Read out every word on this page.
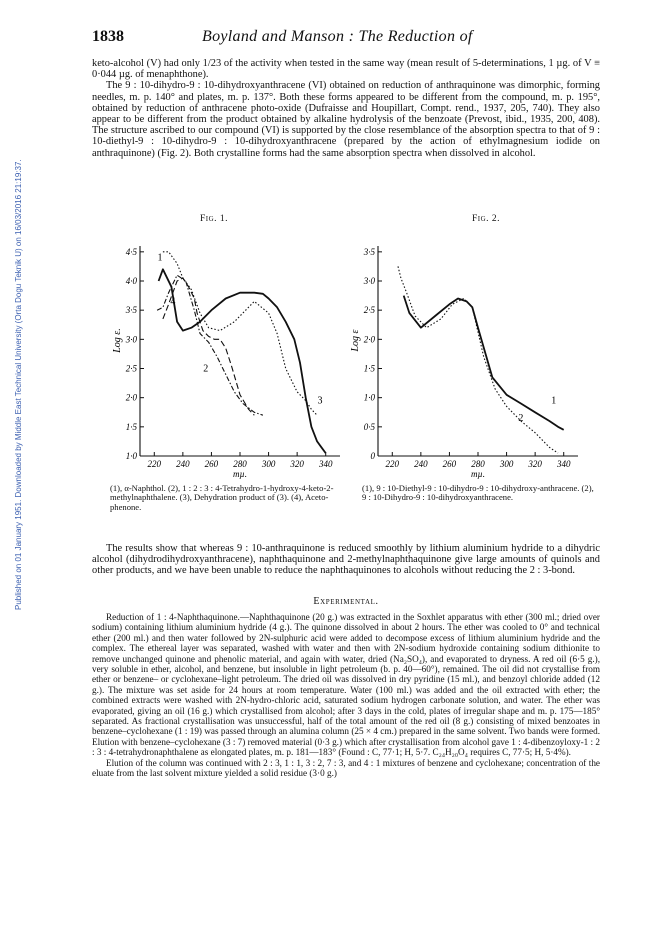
Published on 01 January 1951. Downloaded by Middle East Technical University (Orta Dogu Teknik U) on 16/03/2016 21:19:37.
1838	Boyland and Manson : The Reduction of

keto-alcohol (V) had only 1/23 of the activity when tested in the same way (mean result of 5-determinations, 1 µg. of V ≡ 0·044 µg. of menaphthone).

The 9 : 10-dihydro-9 : 10-dihydroxyanthracene (VI) obtained on reduction of anthraquinone was dimorphic, forming needles, m. p. 140° and plates, m. p. 137°. Both these forms appeared to be different from the compound, m. p. 195°, obtained by reduction of anthracene photo-oxide (Dufraisse and Houpillart, Compt. rend., 1937, 205, 740). They also appear to be different from the product obtained by alkaline hydrolysis of the benzoate (Prevost, ibid., 1935, 200, 408). The structure ascribed to our compound (VI) is supported by the close resemblance of the absorption spectra to that of 9 : 10-diethyl-9 : 10-dihydro-9 : 10-dihydroxyanthracene (prepared by the action of ethylmagnesium iodide on anthraquinone) (Fig. 2). Both crystalline forms had the same absorption spectra when dissolved in alcohol.

Fig. 1.	Fig. 2.
4·5
4·0
3·5
3·0
2·5
2·0
1·5
1·0
220 240 260 280 300 320 340
mµ.
Log ε.
1
2
3
4
3·5
3·0
2·5
2·0
1·5
1·0
0·5
0
220 240 260 280 300 320 340
mµ.
Log ε
1
2
(1), α-Naphthol. (2), 1 : 2 : 3 : 4-Tetrahydro-1-hydroxy-4-keto-2-methylnaphthalene. (3), Dehydration product of (3). (4), Aceto-phenone.
(1), 9 : 10-Diethyl-9 : 10-dihydro-9 : 10-dihydroxy-anthracene. (2), 9 : 10-Dihydro-9 : 10-dihydroxyanthracene.

The results show that whereas 9 : 10-anthraquinone is reduced smoothly by lithium aluminium hydride to a dihydric alcohol (dihydrodihydroxyanthracene), naphthaquinone and 2-methylnaphthaquinone give large amounts of quinols and other products, and we have been unable to reduce the naphthaquinones to alcohols without reducing the 2 : 3-bond.

Experimental.

Reduction of 1 : 4-Naphthaquinone.—Naphthaquinone (20 g.) was extracted in the Soxhlet apparatus with ether (300 ml.; dried over sodium) containing lithium aluminium hydride (4 g.). The quinone dissolved in about 2 hours. The ether was cooled to 0° and technical ether (200 ml.) and then water followed by 2N-sulphuric acid were added to decompose excess of lithium aluminium hydride and the complex. The ethereal layer was separated, washed with water and then with 2N-sodium hydroxide containing sodium dithionite to remove unchanged quinone and phenolic material, and again with water, dried (Na₂SO₄), and evaporated to dryness. A red oil (6·5 g.), very soluble in ether, alcohol, and benzene, but insoluble in light petroleum (b. p. 40—60°), remained. The oil did not crystallise from ether or benzene– or cyclohexane–light petroleum. The dried oil was dissolved in dry pyridine (15 ml.), and benzoyl chloride added (12 g.). The mixture was set aside for 24 hours at room temperature. Water (100 ml.) was added and the oil extracted with ether; the combined extracts were washed with 2N-hydro-chloric acid, saturated sodium hydrogen carbonate solution, and water. The ether was evaporated, giving an oil (16 g.) which crystallised from alcohol; after 3 days in the cold, plates of irregular shape and m. p. 175—185° separated. As fractional crystallisation was unsuccessful, half of the total amount of the red oil (8 g.) consisting of mixed benzoates in benzene–cyclohexane (1 : 19) was passed through an alumina column (25 × 4 cm.) prepared in the same solvent. Two bands were formed. Elution with benzene–cyclohexane (3 : 7) removed material (0·3 g.) which after crystallisation from alcohol gave 1 : 4-dibenzoyloxy-1 : 2 : 3 : 4-tetrahydronaphthalene as elongated plates, m. p. 181—183° (Found : C, 77·1; H, 5·7. C₂₄H₂₀O₄ requires C, 77·5; H, 5·4%).

Elution of the column was continued with 2 : 3, 1 : 1, 3 : 2, 7 : 3, and 4 : 1 mixtures of benzene and cyclohexane; concentration of the eluate from the last solvent mixture yielded a solid residue (3·0 g.)
